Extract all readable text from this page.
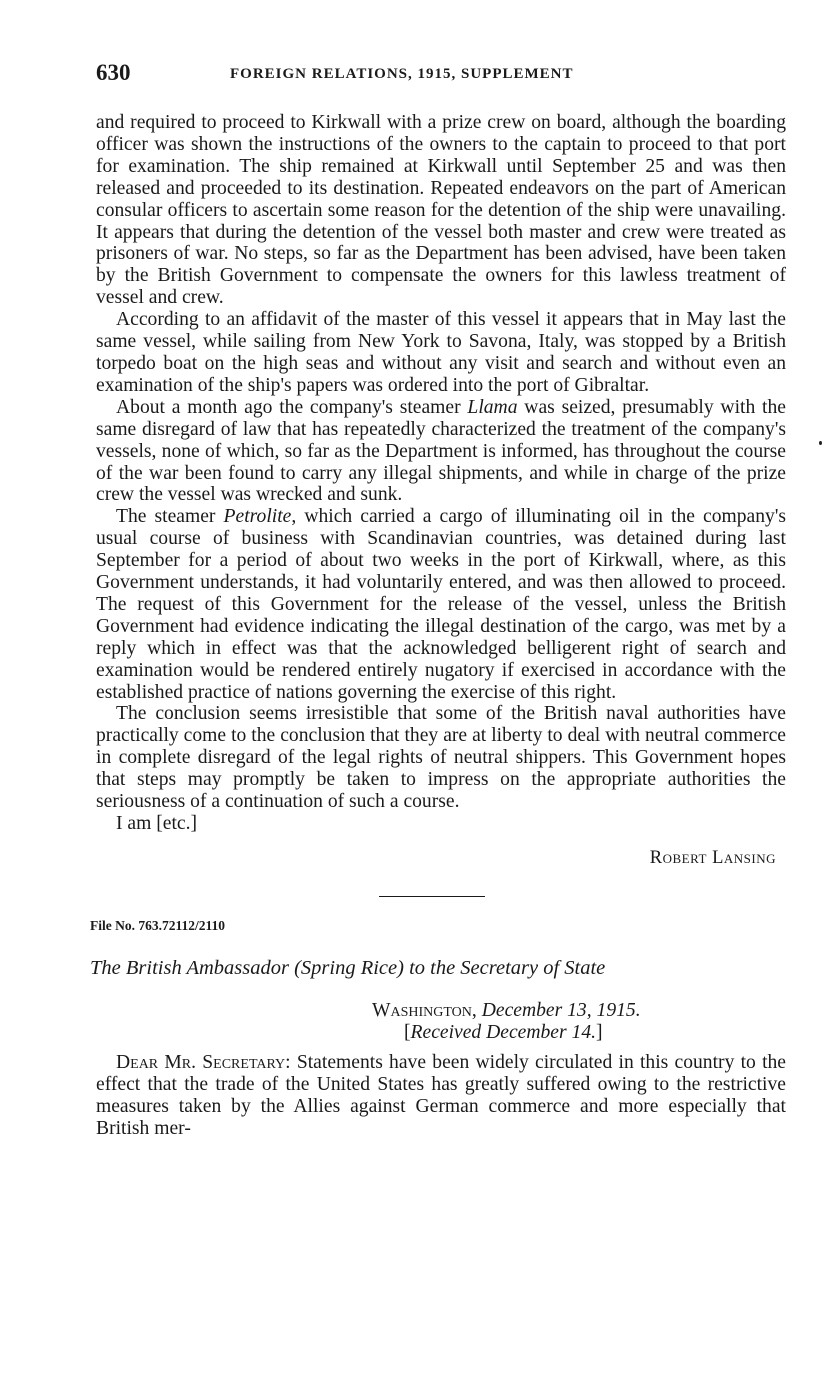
630	FOREIGN RELATIONS, 1915, SUPPLEMENT

and required to proceed to Kirkwall with a prize crew on board, although the boarding officer was shown the instructions of the owners to the captain to proceed to that port for examination. The ship remained at Kirkwall until September 25 and was then released and proceeded to its destination. Repeated endeavors on the part of American consular officers to ascertain some reason for the detention of the ship were unavailing. It appears that during the detention of the vessel both master and crew were treated as prisoners of war. No steps, so far as the Department has been advised, have been taken by the British Government to compensate the owners for this lawless treatment of vessel and crew.

According to an affidavit of the master of this vessel it appears that in May last the same vessel, while sailing from New York to Savona, Italy, was stopped by a British torpedo boat on the high seas and without any visit and search and without even an examination of the ship's papers was ordered into the port of Gibraltar.

About a month ago the company's steamer Llama was seized, presumably with the same disregard of law that has repeatedly characterized the treatment of the company's vessels, none of which, so far as the Department is informed, has throughout the course of the war been found to carry any illegal shipments, and while in charge of the prize crew the vessel was wrecked and sunk.

The steamer Petrolite, which carried a cargo of illuminating oil in the company's usual course of business with Scandinavian countries, was detained during last September for a period of about two weeks in the port of Kirkwall, where, as this Government understands, it had voluntarily entered, and was then allowed to proceed. The request of this Government for the release of the vessel, unless the British Government had evidence indicating the illegal destination of the cargo, was met by a reply which in effect was that the acknowledged belligerent right of search and examination would be rendered entirely nugatory if exercised in accordance with the established practice of nations governing the exercise of this right.

The conclusion seems irresistible that some of the British naval authorities have practically come to the conclusion that they are at liberty to deal with neutral commerce in complete disregard of the legal rights of neutral shippers. This Government hopes that steps may promptly be taken to impress on the appropriate authorities the seriousness of a continuation of such a course.

I am [etc.]

Robert Lansing
File No. 763.72112/2110
The British Ambassador (Spring Rice) to the Secretary of State
Washington, December 13, 1915.
[Received December 14.]

Dear Mr. Secretary: Statements have been widely circulated in this country to the effect that the trade of the United States has greatly suffered owing to the restrictive measures taken by the Allies against German commerce and more especially that British mer-
